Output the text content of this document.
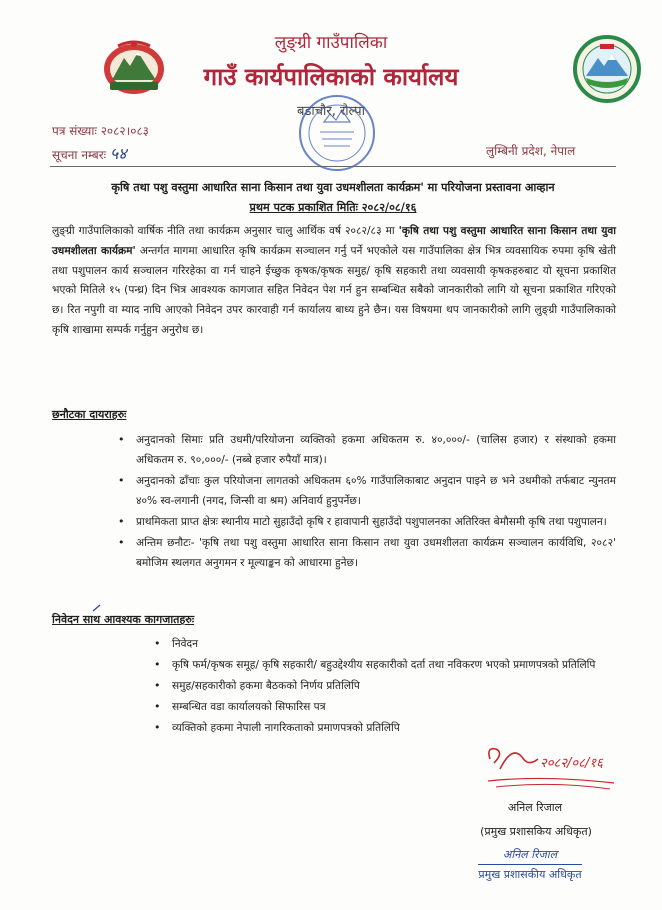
लुङ्ग्री गाउँपालिका
गाउँ कार्यपालिकाको कार्यालय
बडाचौर, रोल्पा
पत्र संख्याः २०८२।०८३
सूचना नम्बरः ५४	लुम्बिनी प्रदेश, नेपाल
कृषि तथा पशु वस्तुमा आधारित साना किसान तथा युवा उधमशीलता कार्यक्रम' मा परियोजना प्रस्तावना आव्हान
प्रथम पटक प्रकाशित मितिः २०८२/०८/१६
लुङ्ग्री गाउँपालिकाको वार्षिक नीति तथा कार्यक्रम अनुसार चालु आर्थिक वर्ष २०८२/८३ मा 'कृषि तथा पशु वस्तुमा आधारित साना किसान तथा युवा उधमशीलता कार्यक्रम' अन्तर्गत मागमा आधारित कृषि कार्यक्रम सञ्चालन गर्नु पर्ने भएकोले यस गाउँपालिका क्षेत्र भित्र व्यवसायिक रुपमा कृषि खेती तथा पशुपालन कार्य सञ्चालन गरिरहेका वा गर्न चाहने ईच्छुक कृषक/कृषक समुह/ कृषि सहकारी तथा व्यवसायी कृषकहरुबाट यो सूचना प्रकाशित भएको मितिले १५ (पन्ध्र) दिन भित्र आवश्यक कागजात सहित निवेदन पेश गर्न हुन सम्बन्धित सबैको जानकारीको लागि यो सूचना प्रकाशित गरिएको छ। रित नपुगी वा म्याद नाघि आएको निवेदन उपर कारवाही गर्न कार्यालय बाध्य हुने छैन। यस विषयमा थप जानकारीको लागि लुङ्ग्री गाउँपालिकाको कृषि शाखामा सम्पर्क गर्नुहुन अनुरोध छ।
छनौटका दायराहरुः
• अनुदानको सिमाः प्रति उधमी/परियोजना व्यक्तिको हकमा अधिकतम रु. ४०,०००/- (चालिस हजार) र संस्थाको हकमा अधिकतम रु. ९०,०००/- (नब्बे हजार रुपैयाँ मात्र)।
• अनुदानको ढाँचाः कुल परियोजना लागतको अधिकतम ६०% गाउँपालिकाबाट अनुदान पाइने छ भने उधमीको तर्फबाट न्युनतम ४०% स्व-लगानी (नगद, जिन्सी वा श्रम) अनिवार्य हुनुपर्नेछ।
• प्राथमिकता प्राप्त क्षेत्रः स्थानीय माटो सुहाउँदो कृषि र हावापानी सुहाउँदो पशुपालनका अतिरिक्त बेमौसमी कृषि तथा पशुपालन।
• अन्तिम छनौटः- 'कृषि तथा पशु वस्तुमा आधारित साना किसान तथा युवा उधमशीलता कार्यक्रम सञ्चालन कार्यविधि, २०८२' बमोजिम स्थलगत अनुगमन र मूल्याङ्कन को आधारमा हुनेछ।
निवेदन साथ आवश्यक कागजातहरुः
• निवेदन
• कृषि फर्म/कृषक समूह/ कृषि सहकारी/ बहुउद्देश्यीय सहकारीको दर्ता तथा नविकरण भएको प्रमाणपत्रको प्रतिलिपि
• समुह/सहकारीको हकमा बैठकको निर्णय प्रतिलिपि
• सम्बन्धित वडा कार्यालयको सिफारिस पत्र
• व्यक्तिको हकमा नेपाली नागरिकताको प्रमाणपत्रको प्रतिलिपि
२०८२/०८/१६
अनिल रिजाल
(प्रमुख प्रशासकिय अधिकृत)
अनिल रिजाल
प्रमुख प्रशासकीय अधिकृत
